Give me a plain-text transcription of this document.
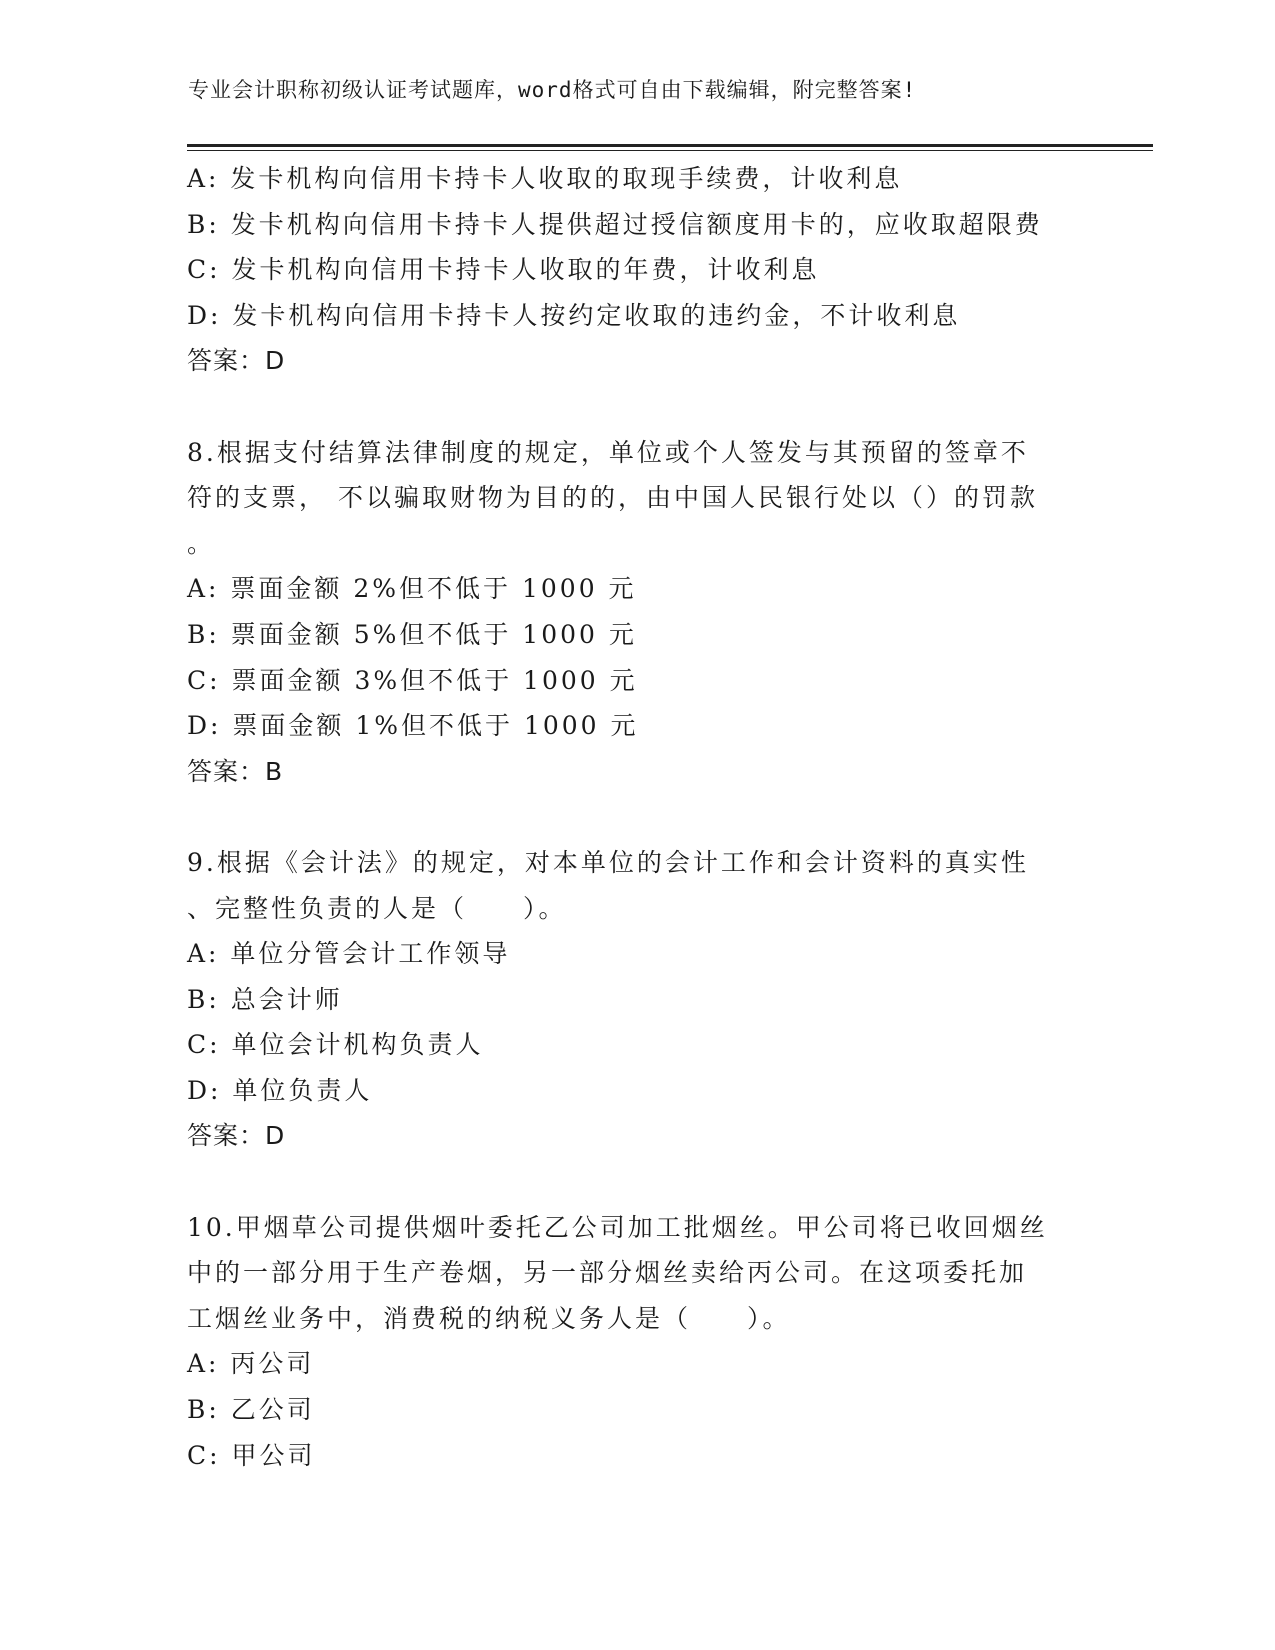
专业会计职称初级认证考试题库，word格式可自由下载编辑，附完整答案!
A: 发卡机构向信用卡持卡人收取的取现手续费，计收利息
B: 发卡机构向信用卡持卡人提供超过授信额度用卡的，应收取超限费
C: 发卡机构向信用卡持卡人收取的年费，计收利息
D: 发卡机构向信用卡持卡人按约定收取的违约金，不计收利息
答案：D
8.根据支付结算法律制度的规定，单位或个人签发与其预留的签章不
符的支票， 不以骗取财物为目的的，由中国人民银行处以（）的罚款
。
A: 票面金额 2%但不低于 1000 元
B: 票面金额 5%但不低于 1000 元
C: 票面金额 3%但不低于 1000 元
D: 票面金额 1%但不低于 1000 元
答案：B
9.根据《会计法》的规定，对本单位的会计工作和会计资料的真实性
、完整性负责的人是（　　）。
A: 单位分管会计工作领导
B: 总会计师
C: 单位会计机构负责人
D: 单位负责人
答案：D
10.甲烟草公司提供烟叶委托乙公司加工批烟丝。甲公司将已收回烟丝
中的一部分用于生产卷烟，另一部分烟丝卖给丙公司。在这项委托加
工烟丝业务中，消费税的纳税义务人是（　　）。
A: 丙公司
B: 乙公司
C: 甲公司
